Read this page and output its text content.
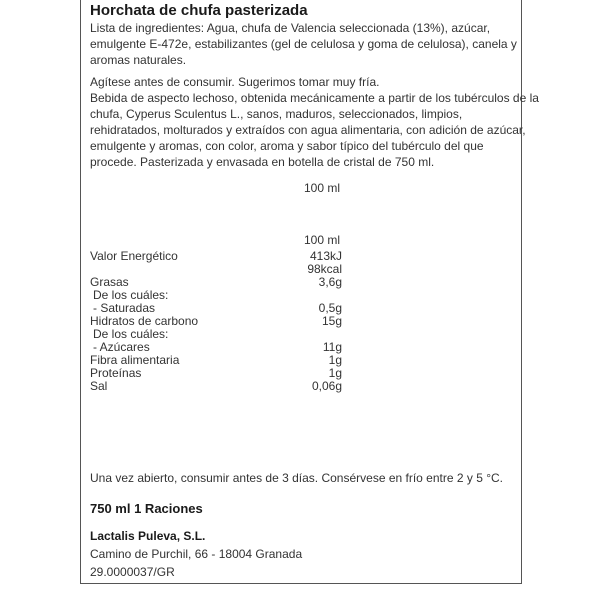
Horchata de chufa pasterizada
Lista de ingredientes: Agua, chufa de Valencia seleccionada (13%), azúcar,
emulgente E-472e, estabilizantes (gel de celulosa y goma de celulosa), canela y
aromas naturales.
Agítese antes de consumir. Sugerimos tomar muy fría.
Bebida de aspecto lechoso, obtenida mecánicamente a partir de los tubérculos de la
chufa, Cyperus Sculentus L., sanos, maduros, seleccionados, limpios,
rehidratados, molturados y extraídos con agua alimentaria, con adición de azúcar,
emulgente y aromas, con color, aroma y sabor típico del tubérculo del que
procede. Pasterizada y envasada en botella de cristal de 750 ml.
100 ml
100 ml
Valor Energético	413kJ
98kcal
Grasas	3,6g
De los cuáles:
- Saturadas	0,5g
Hidratos de carbono	15g
De los cuáles:
- Azúcares	11g
Fibra alimentaria	1g
Proteínas	1g
Sal	0,06g
Una vez abierto, consumir antes de 3 días. Consérvese en frío entre 2 y 5 °C.
750 ml 1 Raciones
Lactalis Puleva, S.L.
Camino de Purchil, 66 - 18004 Granada
29.0000037/GR
